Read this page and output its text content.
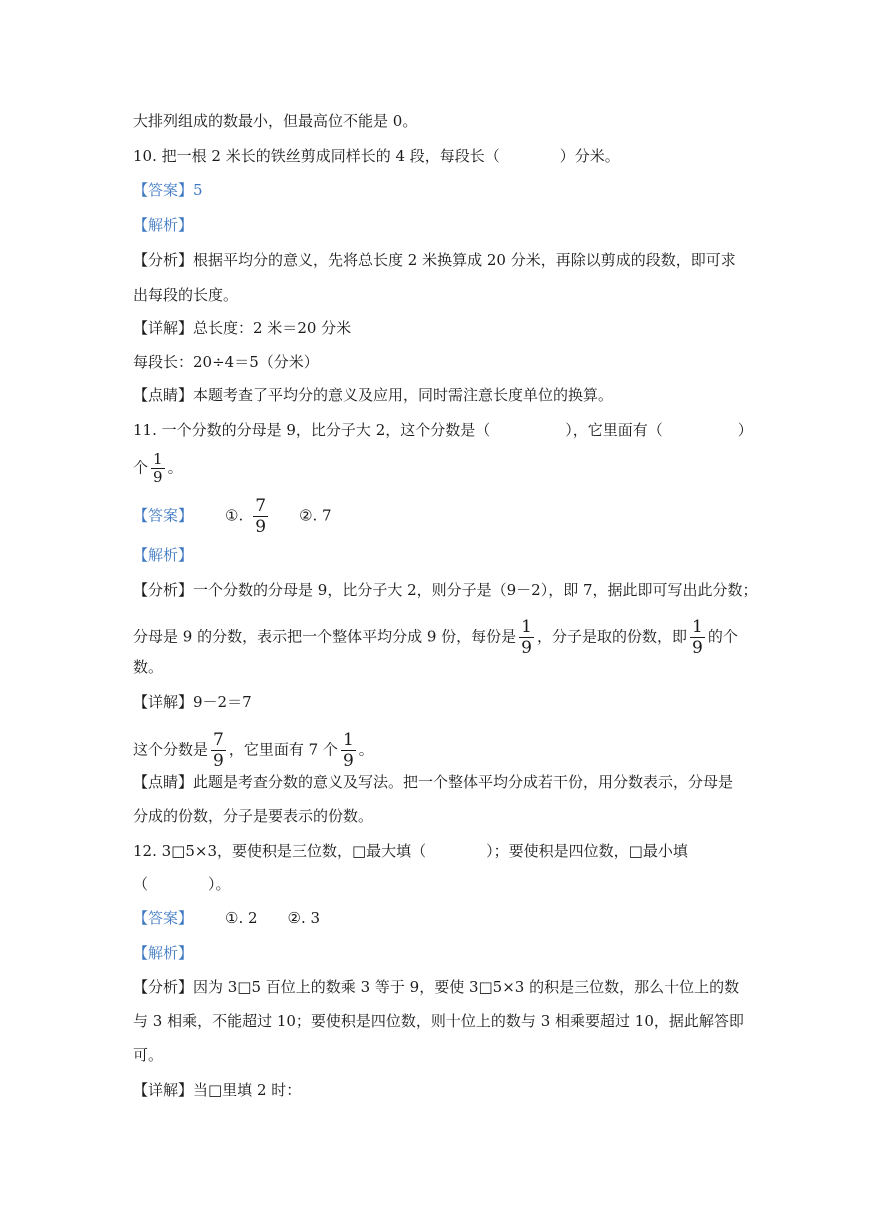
大排列组成的数最小，但最高位不能是 0。
10. 把一根 2 米长的铁丝剪成同样长的 4 段，每段长（　　　　）分米。
【答案】5
【解析】
【分析】根据平均分的意义，先将总长度 2 米换算成 20 分米，再除以剪成的段数，即可求
出每段的长度。
【详解】总长度：2 米＝20 分米
每段长：20÷4＝5（分米）
【点睛】本题考查了平均分的意义及应用，同时需注意长度单位的换算。
11. 一个分数的分母是 9，比分子大 2，这个分数是（　　　　　），它里面有（　　　　　）
个 $\frac{1}{9}$ 。
【答案】 ①. $\frac{7}{9}$ ②. 7
【解析】
【分析】一个分数的分母是 9，比分子大 2，则分子是（9－2），即 7，据此即可写出此分数；
分母是 9 的分数，表示把一个整体平均分成 9 份，每份是 $\frac{1}{9}$ ，分子是取的份数，即 $\frac{1}{9}$ 的个
数。
【详解】9－2＝7
这个分数是 $\frac{7}{9}$ ，它里面有 7 个 $\frac{1}{9}$ 。
【点睛】此题是考查分数的意义及写法。把一个整体平均分成若干份，用分数表示，分母是
分成的份数，分子是要表示的份数。
12. 3□5×3，要使积是三位数，□最大填（　　　　）；要使积是四位数，□最小填
（　　　　）。
【答案】 ①. 2　　②. 3
【解析】
【分析】因为 3□5 百位上的数乘 3 等于 9，要使 3□5×3 的积是三位数，那么十位上的数
与 3 相乘，不能超过 10；要使积是四位数，则十位上的数与 3 相乘要超过 10，据此解答即
可。
【详解】当□里填 2 时：
